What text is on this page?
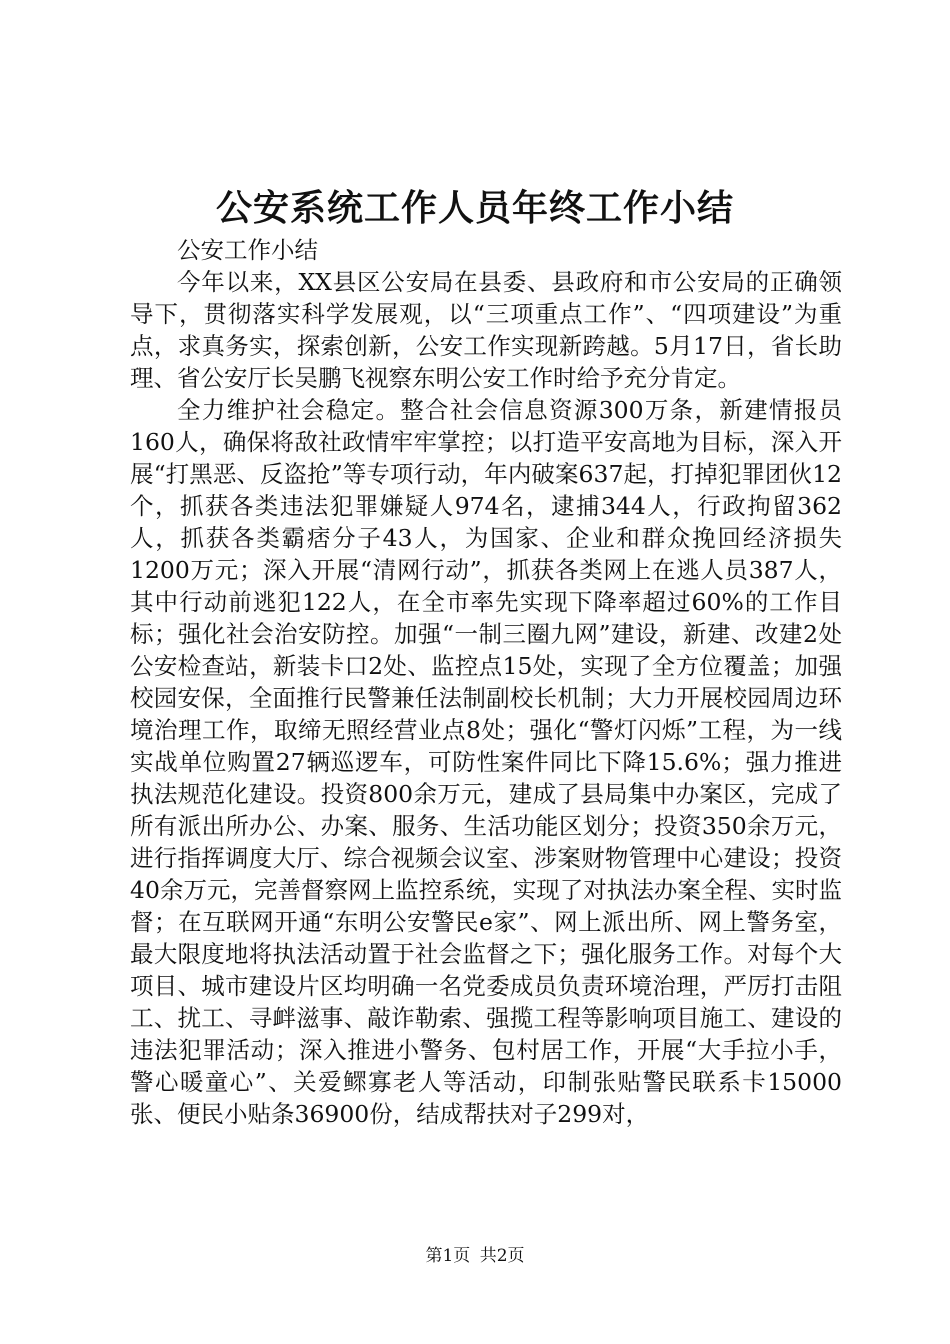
公安系统工作人员年终工作小结

公安工作小结

今年以来，XX县区公安局在县委、县政府和市公安局的正确领导下，贯彻落实科学发展观，以“三项重点工作”、“四项建设”为重点，求真务实，探索创新，公安工作实现新跨越。5月17日，省长助理、省公安厅长吴鹏飞视察东明公安工作时给予充分肯定。

全力维护社会稳定。整合社会信息资源300万条，新建情报员160人，确保将敌社政情牢牢掌控；以打造平安高地为目标，深入开展“打黑恶、反盗抢”等专项行动，年内破案637起，打掉犯罪团伙12个，抓获各类违法犯罪嫌疑人974名，逮捕344人，行政拘留362人，抓获各类霸痞分子43人，为国家、企业和群众挽回经济损失1200万元；深入开展“清网行动”，抓获各类网上在逃人员387人，其中行动前逃犯122人，在全市率先实现下降率超过60%的工作目标；强化社会治安防控。加强“一制三圈九网”建设，新建、改建2处公安检查站，新装卡口2处、监控点15处，实现了全方位覆盖；加强校园安保，全面推行民警兼任法制副校长机制；大力开展校园周边环境治理工作，取缔无照经营业点8处；强化“警灯闪烁”工程，为一线实战单位购置27辆巡逻车，可防性案件同比下降15.6%；强力推进执法规范化建设。投资800余万元，建成了县局集中办案区，完成了所有派出所办公、办案、服务、生活功能区划分；投资350余万元，进行指挥调度大厅、综合视频会议室、涉案财物管理中心建设；投资40余万元，完善督察网上监控系统，实现了对执法办案全程、实时监督；在互联网开通“东明公安警民e家”、网上派出所、网上警务室，最大限度地将执法活动置于社会监督之下；强化服务工作。对每个大项目、城市建设片区均明确一名党委成员负责环境治理，严厉打击阻工、扰工、寻衅滋事、敲诈勒索、强揽工程等影响项目施工、建设的违法犯罪活动；深入推进小警务、包村居工作，开展“大手拉小手，警心暖童心”、关爱鳏寡老人等活动，印制张贴警民联系卡15000张、便民小贴条36900份，结成帮扶对子299对，

第1页 共2页
